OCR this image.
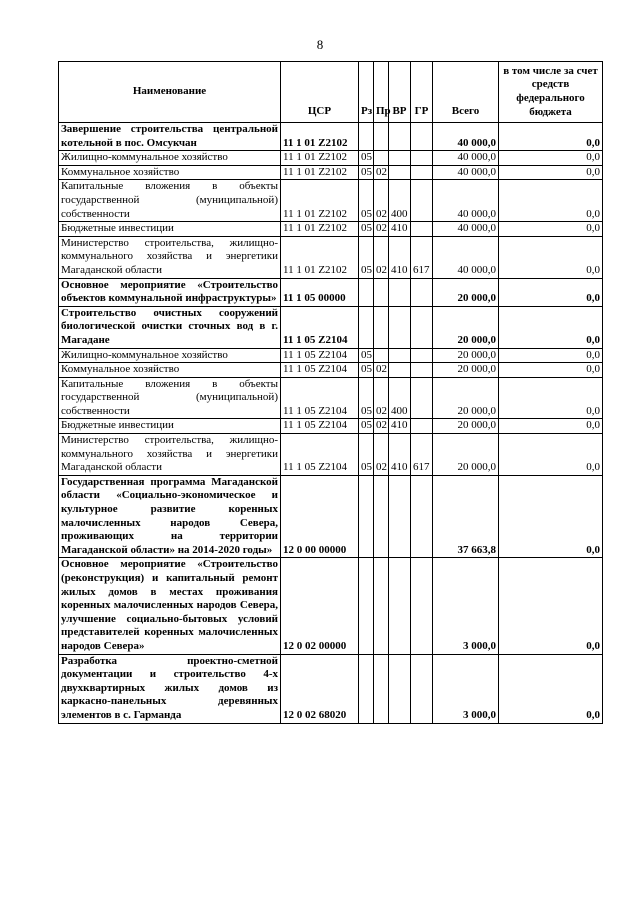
8
Наименование	ЦСР	Рз	Пр	ВР	ГР	Всего	в том числе за счет средств федерального бюджета
Завершение строительства центральной котельной в пос. Омсукчан	11 1 01 Z2102					40 000,0	0,0
Жилищно-коммунальное хозяйство	11 1 01 Z2102	05				40 000,0	0,0
Коммунальное хозяйство	11 1 01 Z2102	05	02			40 000,0	0,0
Капитальные вложения в объекты государственной (муниципальной) собственности	11 1 01 Z2102	05	02	400		40 000,0	0,0
Бюджетные инвестиции	11 1 01 Z2102	05	02	410		40 000,0	0,0
Министерство строительства, жилищно-коммунального хозяйства и энергетики Магаданской области	11 1 01 Z2102	05	02	410	617	40 000,0	0,0
Основное мероприятие «Строительство объектов коммунальной инфраструктуры»	11 1 05 00000					20 000,0	0,0
Строительство очистных сооружений биологической очистки сточных вод в г. Магадане	11 1 05 Z2104					20 000,0	0,0
Жилищно-коммунальное хозяйство	11 1 05 Z2104	05				20 000,0	0,0
Коммунальное хозяйство	11 1 05 Z2104	05	02			20 000,0	0,0
Капитальные вложения в объекты государственной (муниципальной) собственности	11 1 05 Z2104	05	02	400		20 000,0	0,0
Бюджетные инвестиции	11 1 05 Z2104	05	02	410		20 000,0	0,0
Министерство строительства, жилищно-коммунального хозяйства и энергетики Магаданской области	11 1 05 Z2104	05	02	410	617	20 000,0	0,0
Государственная программа Магаданской области «Социально-экономическое и культурное развитие коренных малочисленных народов Севера, проживающих на территории Магаданской области» на 2014-2020 годы»	12 0 00 00000					37 663,8	0,0
Основное мероприятие «Строительство (реконструкция) и капитальный ремонт жилых домов в местах проживания коренных малочисленных народов Севера, улучшение социально-бытовых условий представителей коренных малочисленных народов Севера»	12 0 02 00000					3 000,0	0,0
Разработка проектно-сметной документации и строительство 4-х двухквартирных жилых домов из каркасно-панельных деревянных элементов в с. Гарманда	12 0 02 68020					3 000,0	0,0
